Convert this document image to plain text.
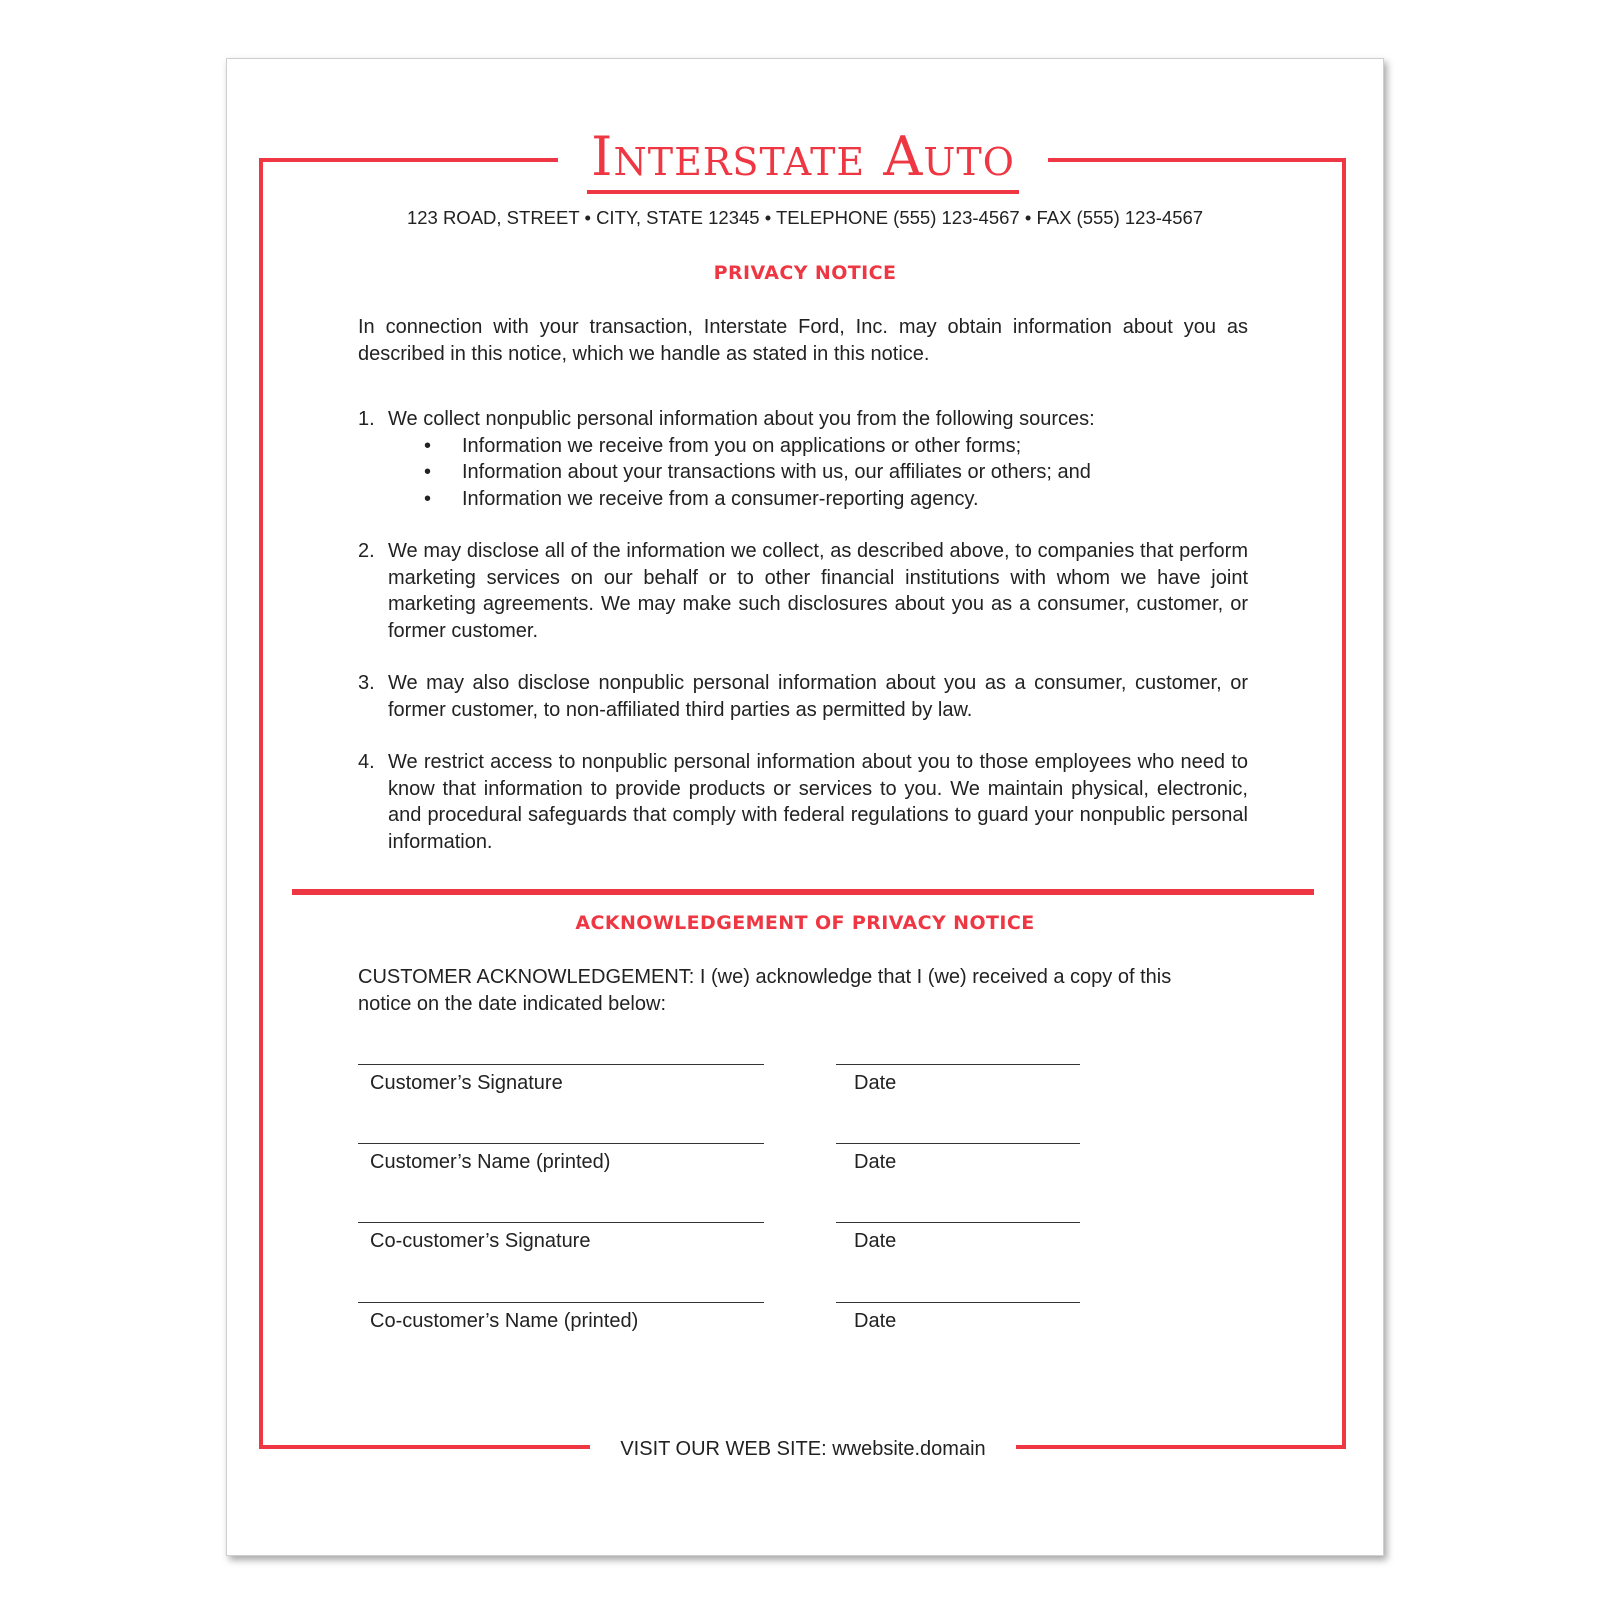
Interstate Auto
123 ROAD, STREET • CITY, STATE 12345 • TELEPHONE (555) 123-4567 • FAX (555) 123-4567
PRIVACY NOTICE
In connection with your transaction, Interstate Ford, Inc. may obtain information about you as described in this notice, which we handle as stated in this notice.
1. We collect nonpublic personal information about you from the following sources:
• Information we receive from you on applications or other forms;
• Information about your transactions with us, our affiliates or others; and
• Information we receive from a consumer-reporting agency.
2. We may disclose all of the information we collect, as described above, to companies that perform marketing services on our behalf or to other financial institutions with whom we have joint marketing agreements. We may make such disclosures about you as a consumer, customer, or former customer.
3. We may also disclose nonpublic personal information about you as a consumer, customer, or former customer, to non-affiliated third parties as permitted by law.
4. We restrict access to nonpublic personal information about you to those employees who need to know that information to provide products or services to you. We maintain physical, electronic, and procedural safeguards that comply with federal regulations to guard your nonpublic personal information.
ACKNOWLEDGEMENT OF PRIVACY NOTICE
CUSTOMER ACKNOWLEDGEMENT: I (we) acknowledge that I (we) received a copy of this notice on the date indicated below:
Customer’s Signature	Date
Customer’s Name (printed)	Date
Co-customer’s Signature	Date
Co-customer’s Name (printed)	Date
VISIT OUR WEB SITE: wwebsite.domain
